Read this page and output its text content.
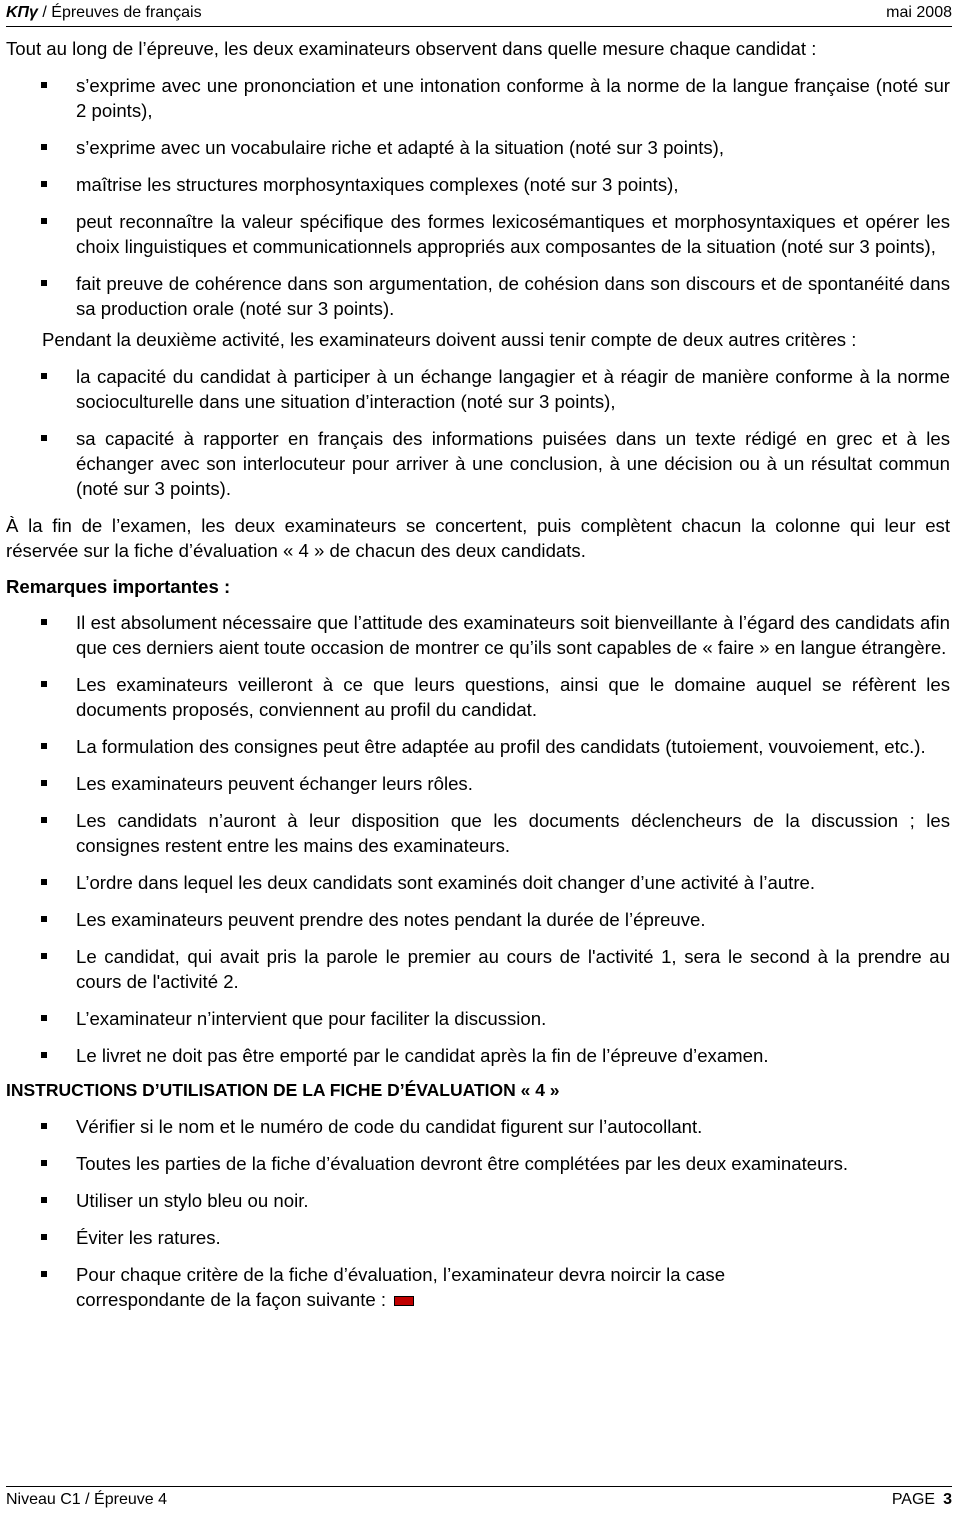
ΚΠγ / Épreuves de français	mai 2008

Tout au long de l’épreuve, les deux examinateurs observent dans quelle mesure chaque candidat :

s’exprime avec une prononciation et une intonation conforme à la norme de la langue française (noté sur 2 points),
s’exprime avec un vocabulaire riche et adapté à la situation (noté sur 3 points),
maîtrise les structures morphosyntaxiques complexes (noté sur 3 points),
peut reconnaître la valeur spécifique des formes lexicosémantiques et morphosyntaxiques et opérer les choix linguistiques et communicationnels appropriés aux composantes de la situation (noté sur 3 points),
fait preuve de cohérence dans son argumentation, de cohésion dans son discours et de spontanéité dans sa production orale (noté sur 3 points).

Pendant la deuxième activité, les examinateurs doivent aussi tenir compte de deux autres critères :

la capacité du candidat à participer à un échange langagier et à réagir de manière conforme à la norme socioculturelle dans une situation d’interaction (noté sur 3 points),
sa capacité à rapporter en français des informations puisées dans un texte rédigé en grec et à les échanger avec son interlocuteur pour arriver à une conclusion, à une décision ou à un résultat commun (noté sur 3 points).

À la fin de l’examen, les deux examinateurs se concertent, puis complètent chacun la colonne qui leur est réservée sur la fiche d’évaluation « 4 » de chacun des deux candidats.

Remarques importantes :

Il est absolument nécessaire que l’attitude des examinateurs soit bienveillante à l’égard des candidats afin que ces derniers aient toute occasion de montrer ce qu’ils sont capables de « faire » en langue étrangère.
Les examinateurs veilleront à ce que leurs questions, ainsi que le domaine auquel se réfèrent les documents proposés, conviennent au profil du candidat.
La formulation des consignes peut être adaptée au profil des candidats (tutoiement, vouvoiement, etc.).
Les examinateurs peuvent échanger leurs rôles.
Les candidats n’auront à leur disposition que les documents déclencheurs de la discussion ; les consignes restent entre les mains des examinateurs.
L’ordre dans lequel les deux candidats sont examinés doit changer d’une activité à l’autre.
Les examinateurs peuvent prendre des notes pendant la durée de l’épreuve.
Le candidat, qui avait pris la parole le premier au cours de l'activité 1, sera le second à la prendre au cours de l'activité 2.
L’examinateur n’intervient que pour faciliter la discussion.
Le livret ne doit pas être emporté par le candidat après la fin de l’épreuve d’examen.

INSTRUCTIONS D’UTILISATION DE LA FICHE D’ÉVALUATION « 4 »

Vérifier si le nom et le numéro de code du candidat figurent sur l’autocollant.
Toutes les parties de la fiche d’évaluation devront être complétées par les deux examinateurs.
Utiliser un stylo bleu ou noir.
Éviter les ratures.
Pour chaque critère de la fiche d’évaluation, l’examinateur devra noircir la case correspondante de la façon suivante :
Niveau C1 / Épreuve 4	PAGE 3
